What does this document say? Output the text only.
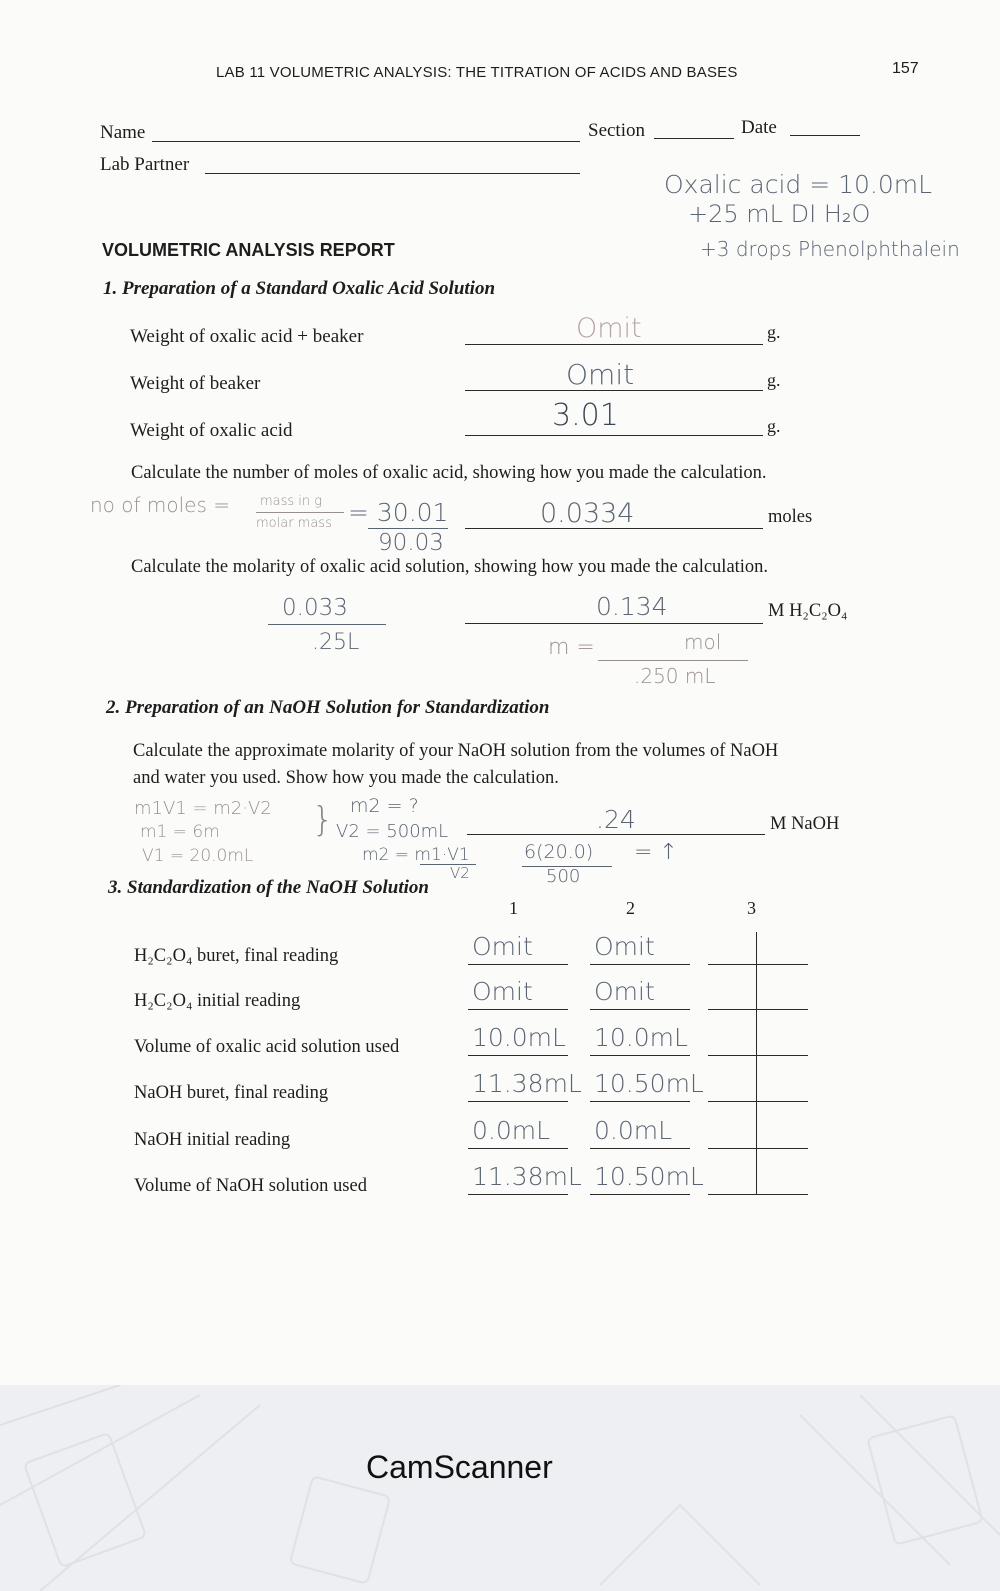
LAB 11 VOLUMETRIC ANALYSIS: THE TITRATION OF ACIDS AND BASES	157
Name	Section	Date
Lab Partner
Oxalic acid = 10.0mL
+25 mL DI H₂O
+3 drops Phenolphthalein
VOLUMETRIC ANALYSIS REPORT
1. Preparation of a Standard Oxalic Acid Solution
Weight of oxalic acid + beaker	Omit	g.
Weight of beaker	Omit	g.
Weight of oxalic acid	3.01	g.
Calculate the number of moles of oxalic acid, showing how you made the calculation.
no of moles = mass in g
molar mass = 30.01
90.03
0.0334	moles
Calculate the molarity of oxalic acid solution, showing how you made the calculation.
0.033
.25L
0.134	M H₂C₂O₄
m =	mol
.250 mL
2. Preparation of an NaOH Solution for Standardization
Calculate the approximate molarity of your NaOH solution from the volumes of NaOH
and water you used. Show how you made the calculation.
m1V1 = m2·V2
m1 = 6m
V1 = 20.0mL
} m2 = ?
V2 = 500mL
m2 = m1·V1
V2
6(20.0)
500
= ↑
.24	M NaOH
3. Standardization of the NaOH Solution
1	2	3
H₂C₂O₄ buret, final reading	Omit Omit
H₂C₂O₄ initial reading	Omit Omit
Volume of oxalic acid solution used	10.0mL 10.0mL
NaOH buret, final reading	11.38mL 10.50mL
NaOH initial reading	0.0mL 0.0mL
Volume of NaOH solution used	11.38mL 10.50mL
CamScanner
